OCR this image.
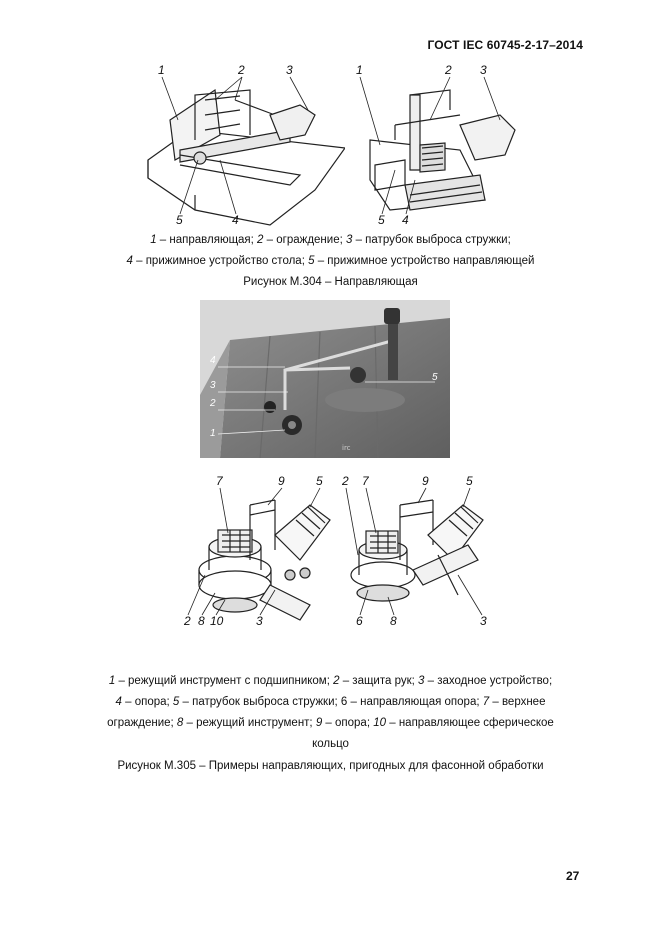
ГОСТ IEC 60745-2-17–2014
1	2	3
5	4
1	2 3
5 4
1 – направляющая; 2 – ограждение; 3 – патрубок выброса стружки;
4 – прижимное устройство стола; 5 – прижимное устройство направляющей
Рисунок М.304 – Направляющая
4
3
2
1
5
irc
7	9	5
2 8 10	3
2 7	9	5
6 8	3
1 – режущий инструмент с подшипником; 2 – защита рук; 3 – заходное устройство;
4 – опора; 5 – патрубок выброса стружки; 6 – направляющая опора; 7 – верхнее
ограждение; 8 – режущий инструмент; 9 – опора; 10 – направляющее сферическое
кольцо
Рисунок М.305 – Примеры направляющих, пригодных для фасонной обработки
27
